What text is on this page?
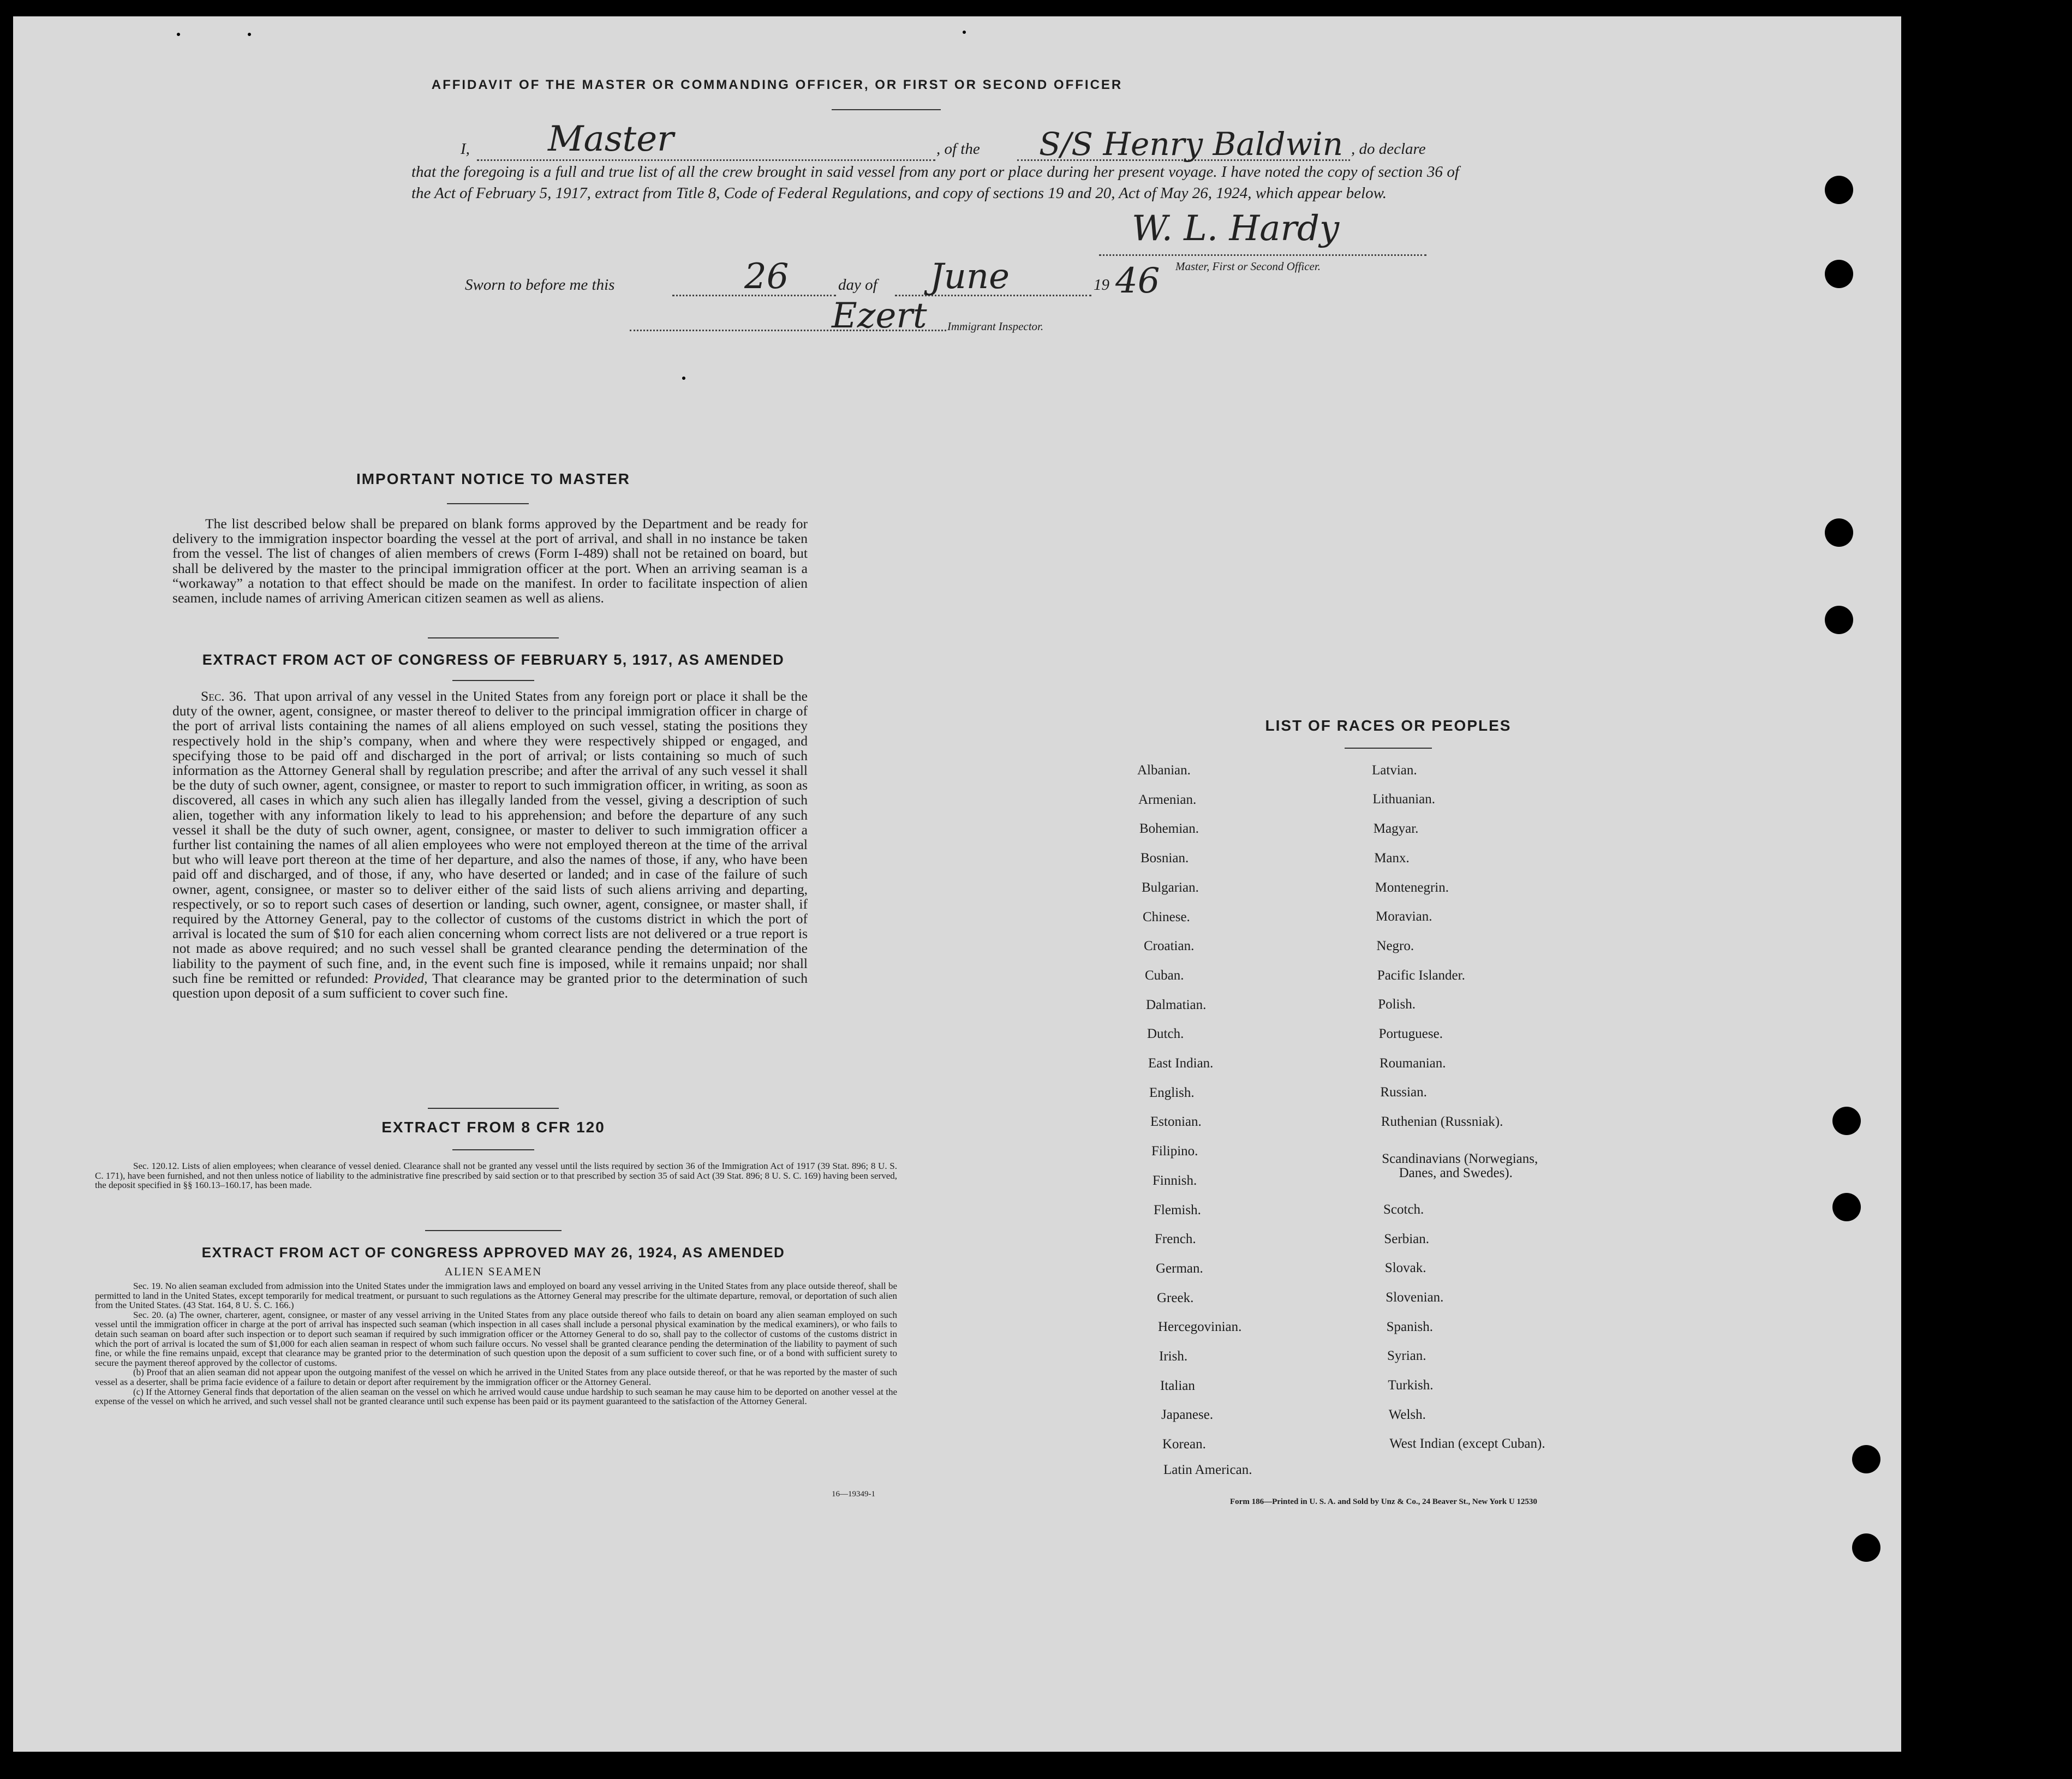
AFFIDAVIT OF THE MASTER OR COMMANDING OFFICER, OR FIRST OR SECOND OFFICER
I, Master	, of the S/S Henry Baldwin , do declare
that the foregoing is a full and true list of all the crew brought in said vessel from any port or place during her present voyage. I have noted the copy of section 36 of the Act of February 5, 1917, extract from Title 8, Code of Federal Regulations, and copy of sections 19 and 20, Act of May 26, 1924, which appear below.
W. L. Hardy
Master, First or Second Officer.
Sworn to before me this	26	day of June	19 46
Ezert Immigrant Inspector.
IMPORTANT NOTICE TO MASTER
The list described below shall be prepared on blank forms approved by the Department and be ready for delivery to the immigration inspector boarding the vessel at the port of arrival, and shall in no instance be taken from the vessel. The list of changes of alien members of crews (Form I-489) shall not be retained on board, but shall be delivered by the master to the principal immigration officer at the port. When an arriving seaman is a “workaway” a notation to that effect should be made on the manifest. In order to facilitate inspection of alien seamen, include names of arriving American citizen seamen as well as aliens.
EXTRACT FROM ACT OF CONGRESS OF FEBRUARY 5, 1917, AS AMENDED
Sec. 36. That upon arrival of any vessel in the United States from any foreign port or place it shall be the duty of the owner, agent, consignee, or master thereof to deliver to the principal immigration officer in charge of the port of arrival lists containing the names of all aliens employed on such vessel, stating the positions they respectively hold in the ship’s company, when and where they were respectively shipped or engaged, and specifying those to be paid off and discharged in the port of arrival; or lists containing so much of such information as the Attorney General shall by regulation prescribe; and after the arrival of any such vessel it shall be the duty of such owner, agent, consignee, or master to report to such immigration officer, in writing, as soon as discovered, all cases in which any such alien has illegally landed from the vessel, giving a description of such alien, together with any information likely to lead to his apprehension; and before the departure of any such vessel it shall be the duty of such owner, agent, consignee, or master to deliver to such immigration officer a further list containing the names of all alien employees who were not employed thereon at the time of the arrival but who will leave port thereon at the time of her departure, and also the names of those, if any, who have been paid off and discharged, and of those, if any, who have deserted or landed; and in case of the failure of such owner, agent, consignee, or master so to deliver either of the said lists of such aliens arriving and departing, respectively, or so to report such cases of desertion or landing, such owner, agent, consignee, or master shall, if required by the Attorney General, pay to the collector of customs of the customs district in which the port of arrival is located the sum of $10 for each alien concerning whom correct lists are not delivered or a true report is not made as above required; and no such vessel shall be granted clearance pending the determination of the liability to the payment of such fine, and, in the event such fine is imposed, while it remains unpaid; nor shall such fine be remitted or refunded: Provided, That clearance may be granted prior to the determination of such question upon deposit of a sum sufficient to cover such fine.
EXTRACT FROM 8 CFR 120
Sec. 120.12. Lists of alien employees; when clearance of vessel denied. Clearance shall not be granted any vessel until the lists required by section 36 of the Immigration Act of 1917 (39 Stat. 896; 8 U. S. C. 171), have been furnished, and not then unless notice of liability to the administrative fine prescribed by said section or to that prescribed by section 35 of said Act (39 Stat. 896; 8 U. S. C. 169) having been served, the deposit specified in §§ 160.13–160.17, has been made.
EXTRACT FROM ACT OF CONGRESS APPROVED MAY 26, 1924, AS AMENDED
ALIEN SEAMEN
Sec. 19. No alien seaman excluded from admission into the United States under the immigration laws and employed on board any vessel arriving in the United States from any place outside thereof, shall be permitted to land in the United States, except temporarily for medical treatment, or pursuant to such regulations as the Attorney General may prescribe for the ultimate departure, removal, or deportation of such alien from the United States. (43 Stat. 164, 8 U. S. C. 166.)
Sec. 20. (a) The owner, charterer, agent, consignee, or master of any vessel arriving in the United States from any place outside thereof who fails to detain on board any alien seaman employed on such vessel until the immigration officer in charge at the port of arrival has inspected such seaman (which inspection in all cases shall include a personal physical examination by the medical examiners), or who fails to detain such seaman on board after such inspection or to deport such seaman if required by such immigration officer or the Attorney General to do so, shall pay to the collector of customs of the customs district in which the port of arrival is located the sum of $1,000 for each alien seaman in respect of whom such failure occurs. No vessel shall be granted clearance pending the determination of the liability to payment of such fine, or while the fine remains unpaid, except that clearance may be granted prior to the determination of such question upon the deposit of a sum sufficient to cover such fine, or of a bond with sufficient surety to secure the payment thereof approved by the collector of customs.
(b) Proof that an alien seaman did not appear upon the outgoing manifest of the vessel on which he arrived in the United States from any place outside thereof, or that he was reported by the master of such vessel as a deserter, shall be prima facie evidence of a failure to detain or deport after requirement by the immigration officer or the Attorney General.
(c) If the Attorney General finds that deportation of the alien seaman on the vessel on which he arrived would cause undue hardship to such seaman he may cause him to be deported on another vessel at the expense of the vessel on which he arrived, and such vessel shall not be granted clearance until such expense has been paid or its payment guaranteed to the satisfaction of the Attorney General.
16—19349-1
LIST OF RACES OR PEOPLES
Form 186—Printed in U. S. A. and Sold by Unz & Co., 24 Beaver St., New York U 12530
Albanian.
Armenian.
Bohemian.
Bosnian.
Bulgarian.
Chinese.
Croatian.
Cuban.
Dalmatian.
Dutch.
East Indian.
English.
Estonian.
Filipino.
Finnish.
Flemish.
French.
German.
Greek.
Hercegovinian.
Irish.
Italian
Japanese.
Korean.
Latin American.
Latvian.
Lithuanian.
Magyar.
Manx.
Montenegrin.
Moravian.
Negro.
Pacific Islander.
Polish.
Portuguese.
Roumanian.
Russian.
Ruthenian (Russniak).
Scandinavians (Norwegians,
Danes, and Swedes).
Scotch.
Serbian.
Slovak.
Slovenian.
Spanish.
Syrian.
Turkish.
Welsh.
West Indian (except Cuban).
